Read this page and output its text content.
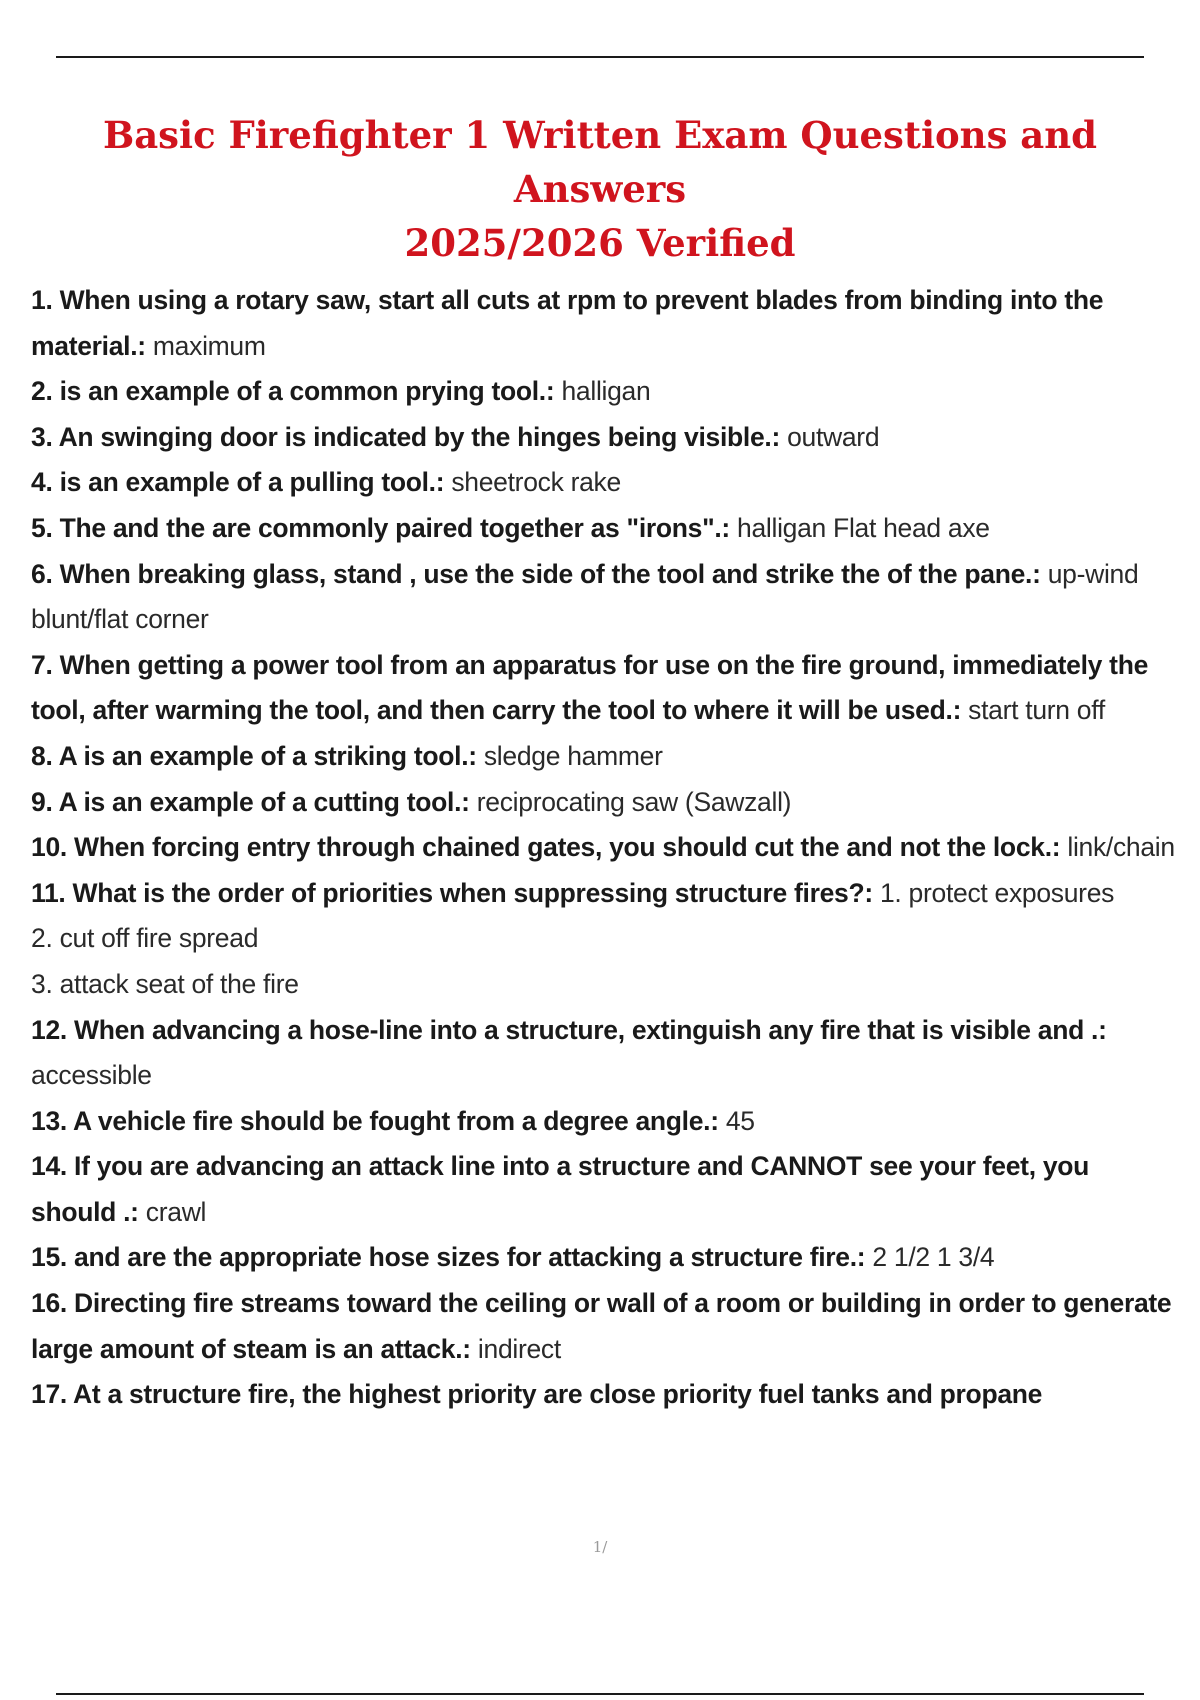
Basic Firefighter 1 Written Exam Questions and Answers
2025/2026 Verified
1. When using a rotary saw, start all cuts at rpm to prevent blades from binding into the material.: maximum
2. is an example of a common prying tool.: halligan
3. An swinging door is indicated by the hinges being visible.: outward
4. is an example of a pulling tool.: sheetrock rake
5. The and the are commonly paired together as "irons".: halligan Flat head axe
6. When breaking glass, stand , use the side of the tool and strike the of the pane.: up-wind blunt/flat corner
7. When getting a power tool from an apparatus for use on the fire ground, immediately the tool, after warming the tool, and then carry the tool to where it will be used.: start turn off
8. A is an example of a striking tool.: sledge hammer
9. A is an example of a cutting tool.: reciprocating saw (Sawzall)
10. When forcing entry through chained gates, you should cut the and not the lock.: link/chain
11. What is the order of priorities when suppressing structure fires?: 1. protect exposures
2. cut off fire spread
3. attack seat of the fire
12. When advancing a hose-line into a structure, extinguish any fire that is visible and .: accessible
13. A vehicle fire should be fought from a degree angle.: 45
14. If you are advancing an attack line into a structure and CANNOT see your feet, you should .: crawl
15. and are the appropriate hose sizes for attacking a structure fire.: 2 1/2 1 3/4
16. Directing fire streams toward the ceiling or wall of a room or building in order to generate large amount of steam is an attack.: indirect
17. At a structure fire, the highest priority are close priority fuel tanks and propane
1/
